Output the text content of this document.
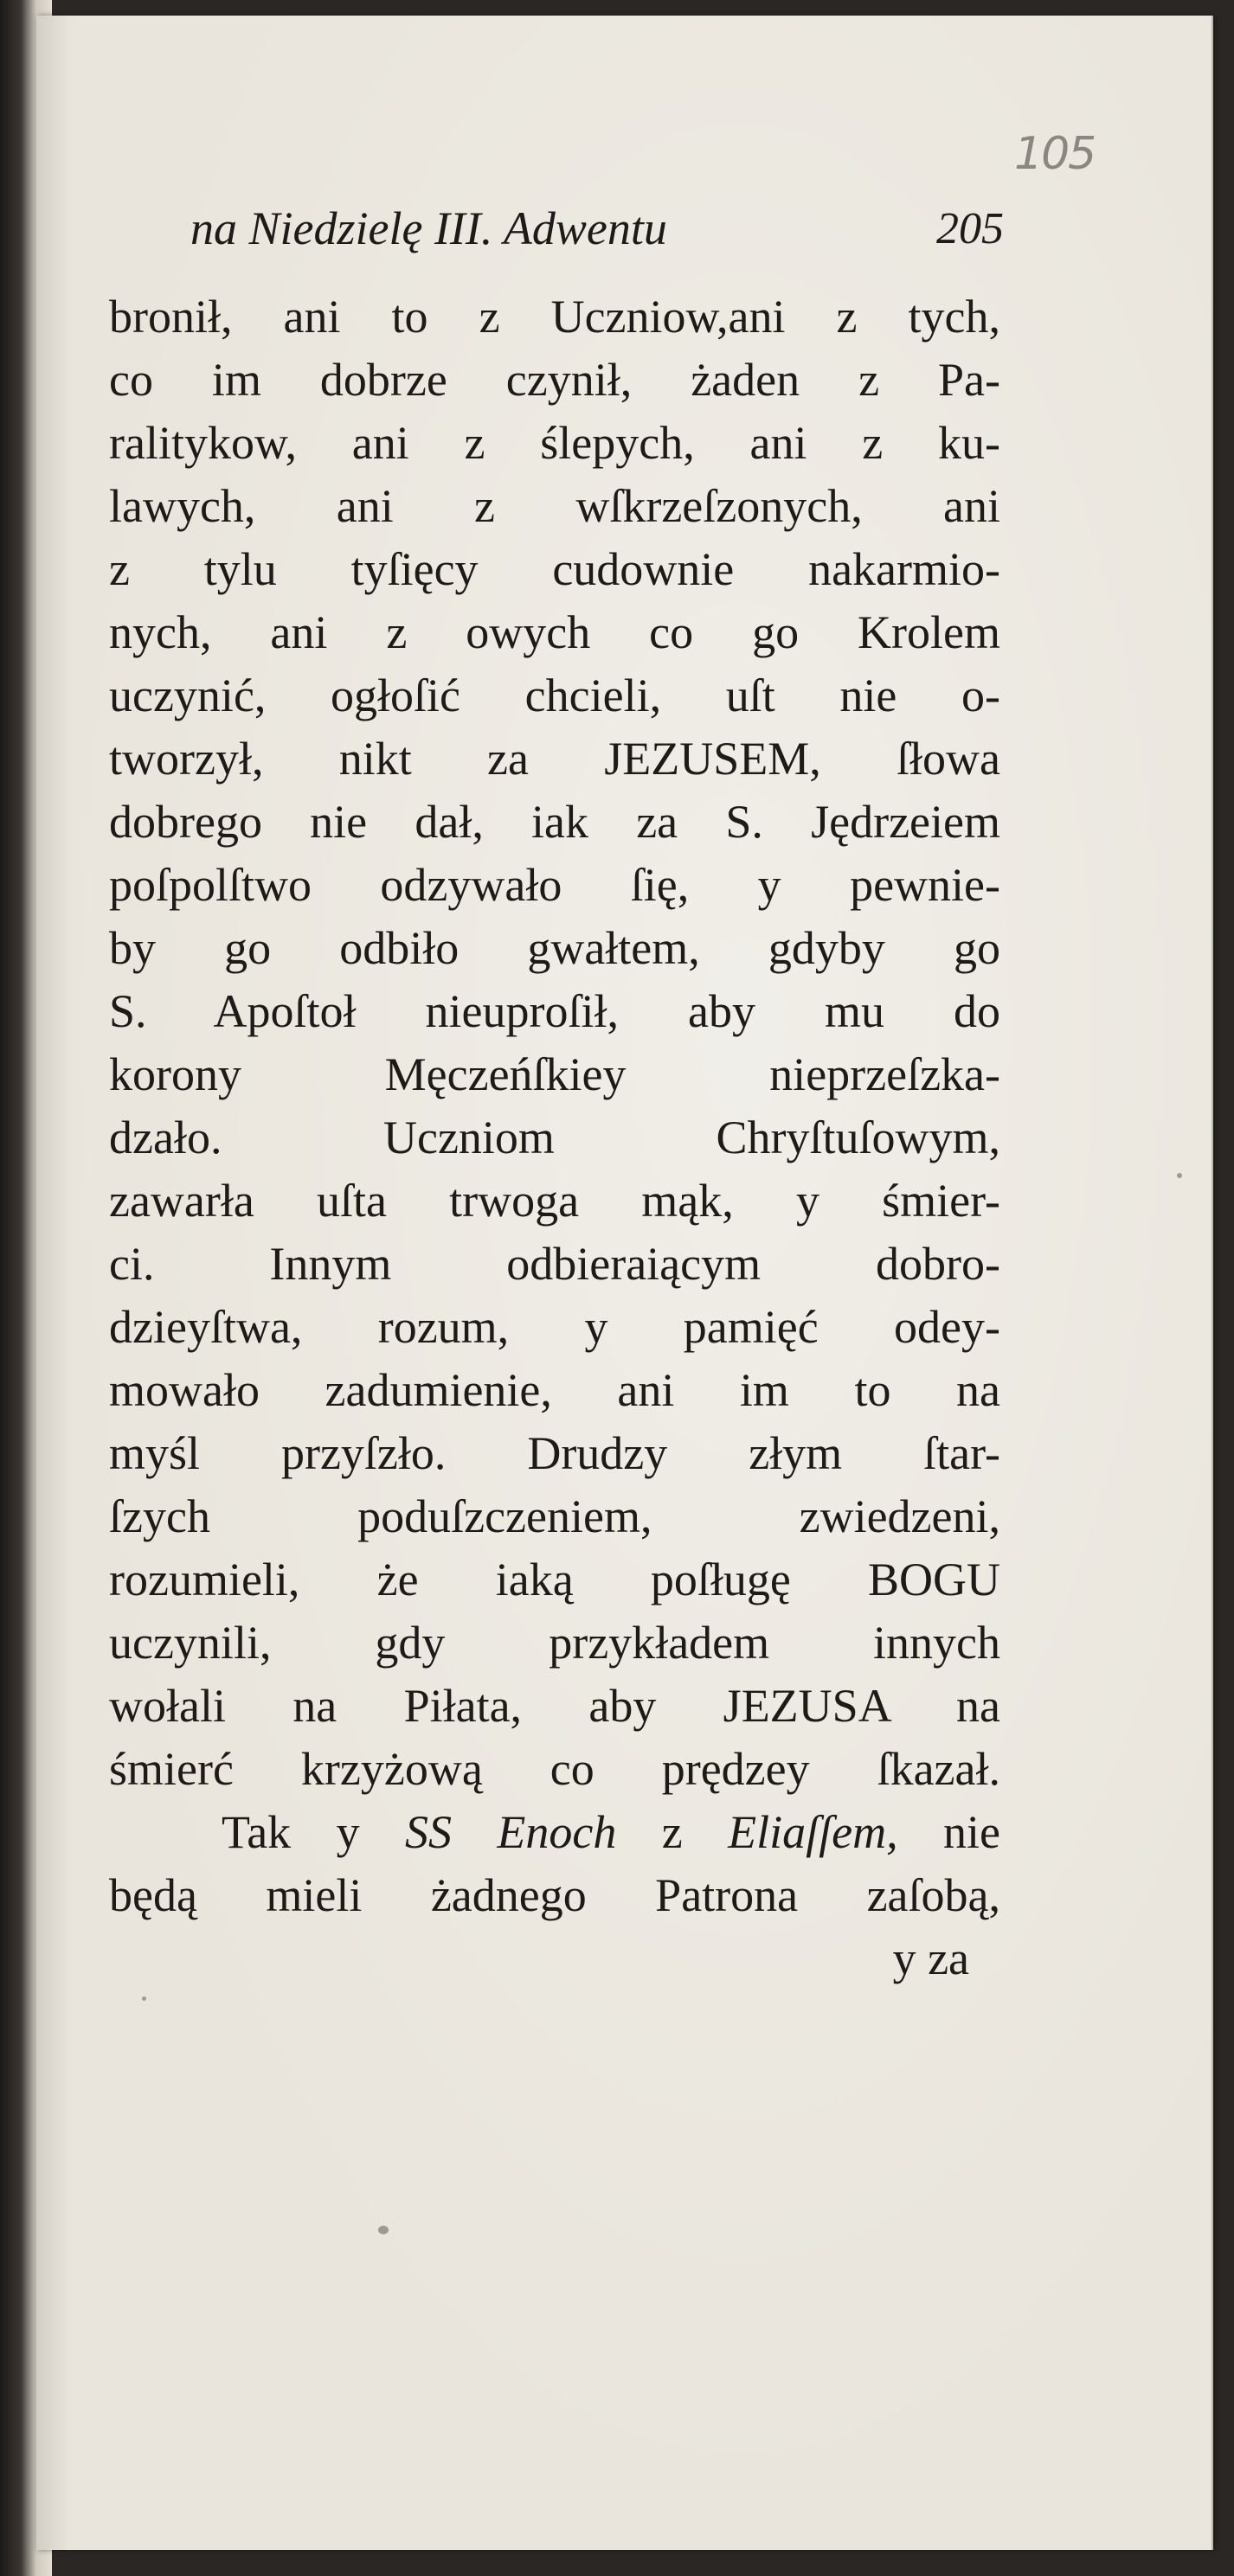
105
na Niedzielę III. Adwentu	205
bronił, ani to z Ucznіow,ani z tych,
co im dobrze czynił, żaden z Pa-
ralitykow, ani z ślepych, ani z ku-
lawych, ani z wſkrzeſzonych, ani
z tylu tyſięcy cudownie nakarmio-
nych, ani z owych co go Krolem
uczynić, ogłoſić chcieli, uſt nie o-
tworzył, nikt za JEZUSEM, ſłowa
dobrego nie dał, iak za S. Jędrzeiem
poſpolſtwo odzywało ſię, y pewnie-
by go odbiło gwałtem, gdyby go
S. Apoſtoł nieuproſił, aby mu do
korony Męczeńſkiey nieprzeſzka-
dzało. Uczniom Chryſtuſowym,
zawarła uſta trwoga mąk, y śmier-
ci. Innym odbieraiącym dobro-
dzieyſtwa, rozum, y pamięć odey-
mowało zadumienie, ani im to na
myśl przyſzło. Drudzy złym ſtar-
ſzych poduſzczeniem, zwiedzeni,
rozumieli, że iaką poſługę BOGU
uczynili, gdy przykładem innych
wołali na Piłata, aby JEZUSA na
śmierć krzyżową co prędzey ſkazał.
Tak y SS Enoch z Eliaſſem, nie
będą mieli żadnego Patrona zaſobą,
y za
